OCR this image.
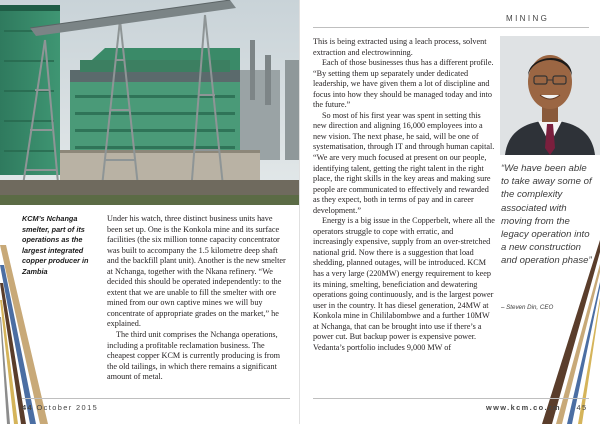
KCM’s Nchanga smelter, part of its operations as the largest integrated copper producer in Zambia

Under his watch, three distinct business units have been set up. One is the Konkola mine and its surface facilities (the six million tonne capacity concentrator was built to accompany the 1.5 kilometre deep shaft and the backfill plant unit). Another is the new smelter at Nchanga, together with the Nkana refinery. “We decided this should be operated independently: to the extent that we are unable to fill the smelter with ore mined from our own captive mines we will buy concentrate of appropriate grades on the market,” he explained.

The third unit comprises the Nchanga operations, including a profitable reclamation business. The cheapest copper KCM is currently producing is from the old tailings, in which there remains a significant amount of metal.

44 October 2015
MINING

This is being extracted using a leach process, solvent extraction and electrowinning.

Each of those businesses thus has a different profile. “By setting them up separately under dedicated leadership, we have given them a lot of discipline and focus into how they should be managed today and into the future.”

So most of his first year was spent in setting this new direction and aligning 16,000 employees into a new vision. The next phase, he said, will be one of systematisation, through IT and through human capital. “We are very much focused at present on our people, identifying talent, getting the right talent in the right place, the right skills in the key areas and making sure people are communicated to effectively and rewarded as they expect, both in terms of pay and in career development.”

Energy is a big issue in the Copperbelt, where all the operators struggle to cope with erratic, and increasingly expensive, supply from an over-stretched national grid. Now there is a suggestion that load shedding, planned outages, will be introduced. KCM has a very large (220MW) energy requirement to keep its mining, smelting, beneficiation and dewatering operations going continuously, and is the largest power user in the country. It has diesel generation, 24MW at Konkola mine in Chililabombwe and a further 10MW at Nchanga, that can be brought into use if there’s a power cut. But backup power is expensive power. Vedanta’s portfolio includes 9,000 MW of

“We have been able to take away some of the complexity associated with moving from the legacy operation into a new construction and operation phase”
– Steven Din, CEO
www.kcm.co.zm 45
